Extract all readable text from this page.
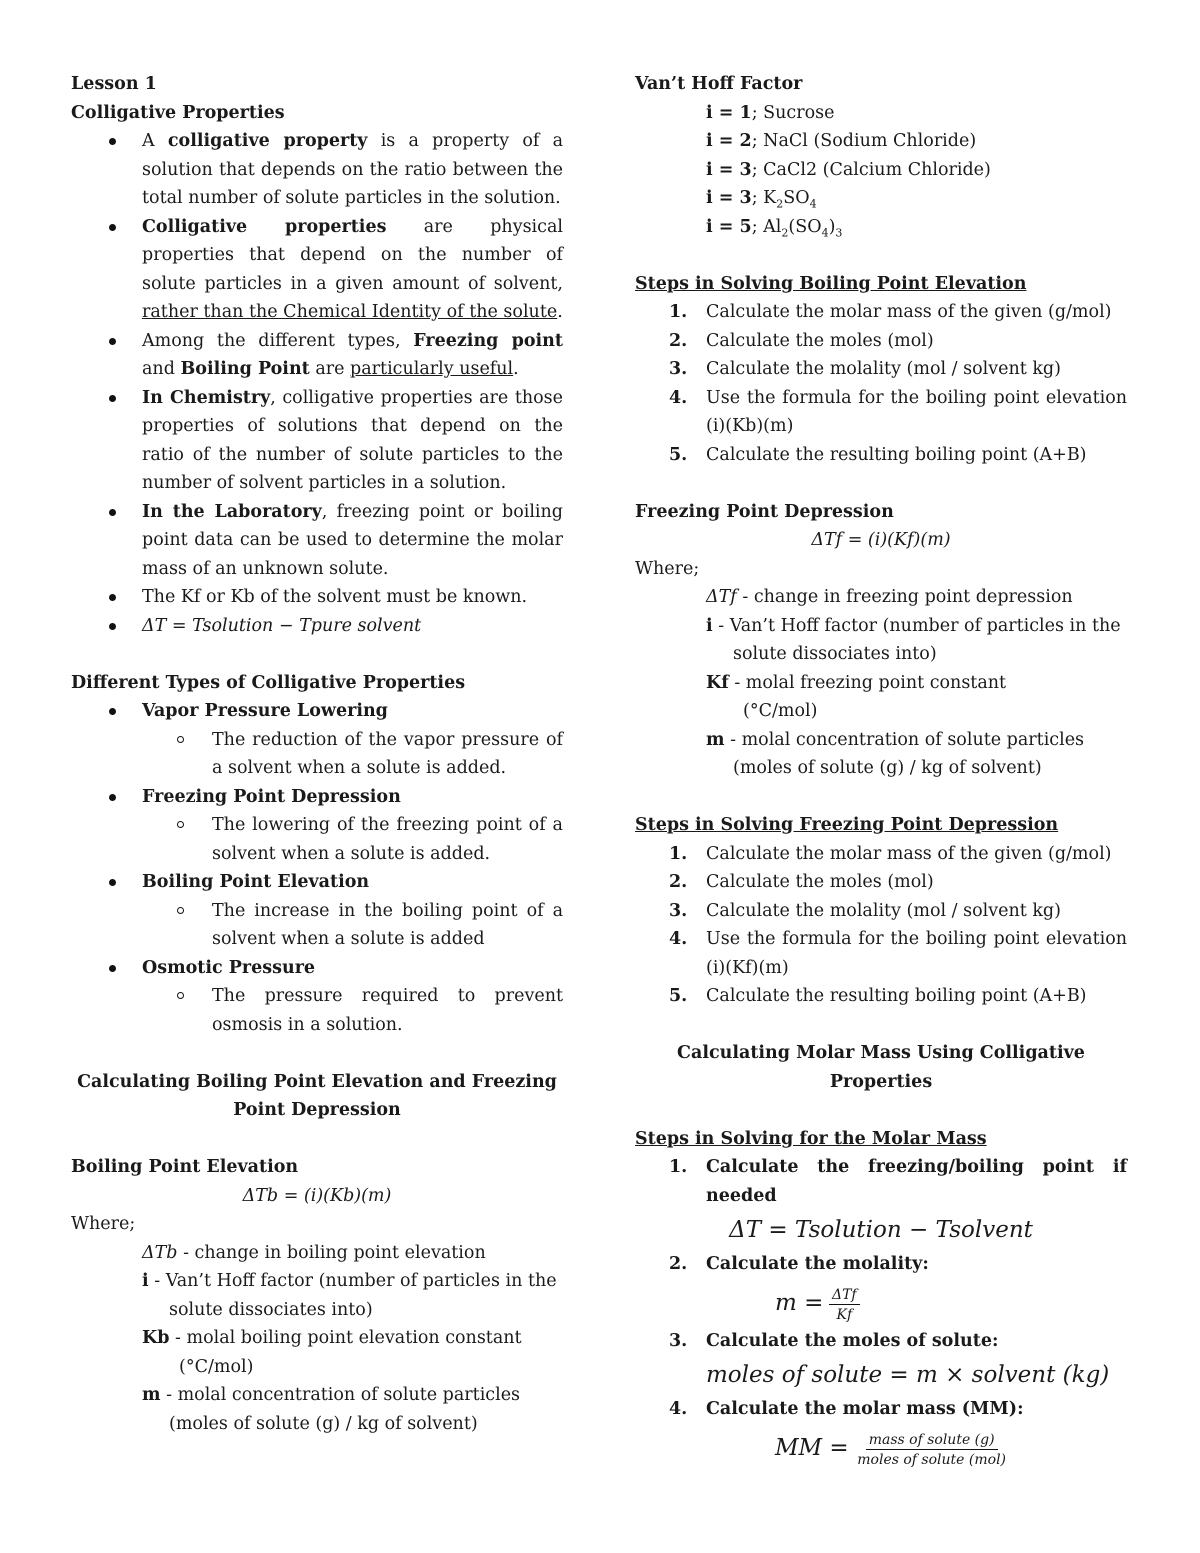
Lesson 1
Colligative Properties
A colligative property is a property of a solution that depends on the ratio between the total number of solute particles in the solution.
Colligative properties are physical properties that depend on the number of solute particles in a given amount of solvent, rather than the Chemical Identity of the solute.
Among the different types, Freezing point and Boiling Point are particularly useful.
In Chemistry, colligative properties are those properties of solutions that depend on the ratio of the number of solute particles to the number of solvent particles in a solution.
In the Laboratory, freezing point or boiling point data can be used to determine the molar mass of an unknown solute.
The Kf or Kb of the solvent must be known.
ΔT = Tsolution − Tpure solvent
Different Types of Colligative Properties
Vapor Pressure Lowering
The reduction of the vapor pressure of a solvent when a solute is added.
Freezing Point Depression
The lowering of the freezing point of a solvent when a solute is added.
Boiling Point Elevation
The increase in the boiling point of a solvent when a solute is added
Osmotic Pressure
The pressure required to prevent osmosis in a solution.
Calculating Boiling Point Elevation and Freezing
Point Depression
Boiling Point Elevation
ΔTb = (i)(Kb)(m)
Where;
ΔTb - change in boiling point elevation
i - Van’t Hoff factor (number of particles in the
solute dissociates into)
Kb - molal boiling point elevation constant
(°C/mol)
m - molal concentration of solute particles
(moles of solute (g) / kg of solvent)
Van’t Hoff Factor
i = 1; Sucrose
i = 2; NaCl (Sodium Chloride)
i = 3; CaCl2 (Calcium Chloride)
i = 3; $K_2SO_4$
i = 5; $Al_2(SO_4)_3$
Steps in Solving Boiling Point Elevation
1. Calculate the molar mass of the given (g/mol)
2. Calculate the moles (mol)
3. Calculate the molality (mol / solvent kg)
4. Use the formula for the boiling point elevation (i)(Kb)(m)
5. Calculate the resulting boiling point (A+B)
Freezing Point Depression
ΔTf = (i)(Kf)(m)
Where;
ΔTf - change in freezing point depression
i - Van’t Hoff factor (number of particles in the
solute dissociates into)
Kf - molal freezing point constant
(°C/mol)
m - molal concentration of solute particles
(moles of solute (g) / kg of solvent)
Steps in Solving Freezing Point Depression
1. Calculate the molar mass of the given (g/mol)
2. Calculate the moles (mol)
3. Calculate the molality (mol / solvent kg)
4. Use the formula for the boiling point elevation (i)(Kf)(m)
5. Calculate the resulting boiling point (A+B)
Calculating Molar Mass Using Colligative Properties
Steps in Solving for the Molar Mass
1. Calculate the freezing/boiling point if needed
ΔT = Tsolution − Tsolvent
2. Calculate the molality:
$m = \frac{\text{ΔTf}}{Kf}$
3. Calculate the moles of solute:
moles of solute = m × solvent (kg)
4. Calculate the molar mass (MM):
MM = $\frac{\text{mass of solute (g)}}{\text{moles of solute (mol)}}$
